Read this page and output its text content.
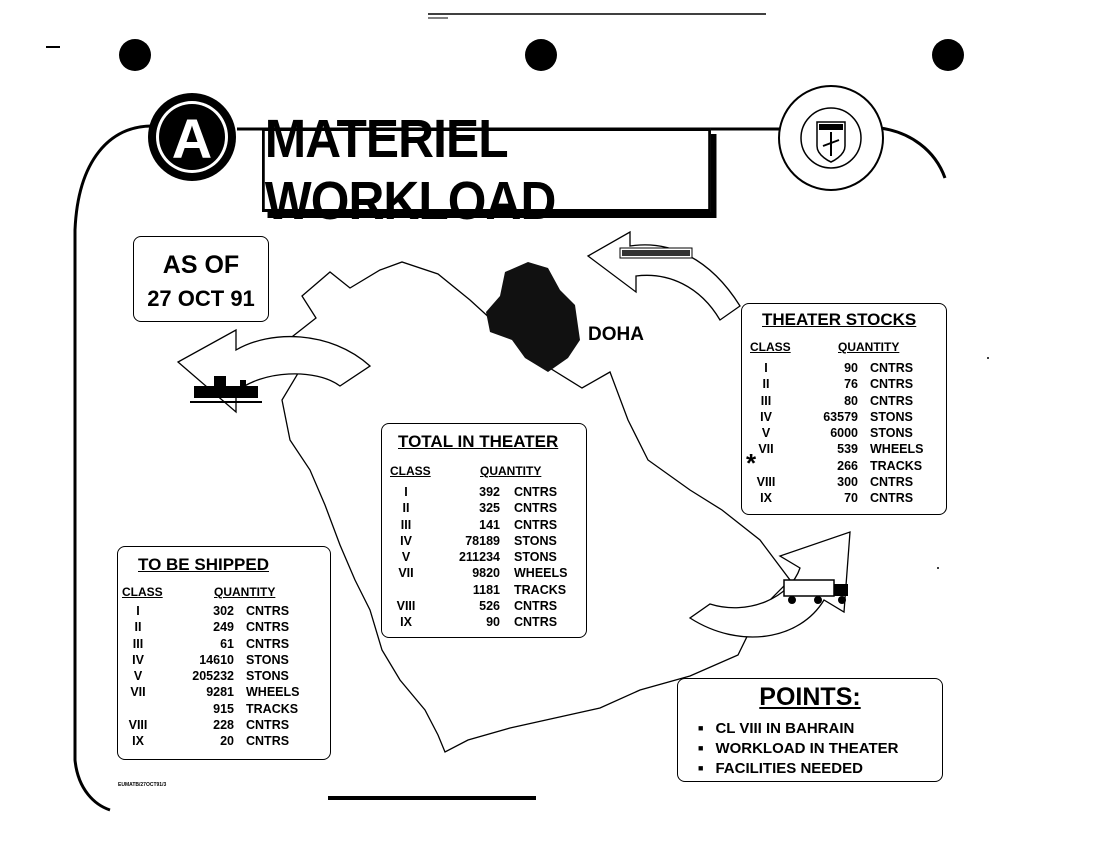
A MATERIEL WORKLOAD
AS OF
27 OCT 91
DOHA
THEATER STOCKS
CLASS	QUANTITY
I	90 CNTRS
II	76 CNTRS
III	80 CNTRS
IV	63579 STONS
V	6000 STONS
VII	539 WHEELS
266 TRACKS
VIII	300 CNTRS
IX	70 CNTRS
*
TOTAL IN THEATER
CLASS	QUANTITY
I	392 CNTRS
II	325 CNTRS
III	141 CNTRS
IV	78189 STONS
V	211234 STONS
VII	9820 WHEELS
1181 TRACKS
VIII	526 CNTRS
IX	90 CNTRS
TO BE SHIPPED
CLASS	QUANTITY
I	302 CNTRS
II	249 CNTRS
III	61 CNTRS
IV	14610 STONS
V	205232 STONS
VII	9281 WHEELS
915 TRACKS
VIII	228 CNTRS
IX	20 CNTRS
POINTS:
■ CL VIII IN BAHRAIN
■ WORKLOAD IN THEATER
■ FACILITIES NEEDED
EUMATB/27OCT91/3
